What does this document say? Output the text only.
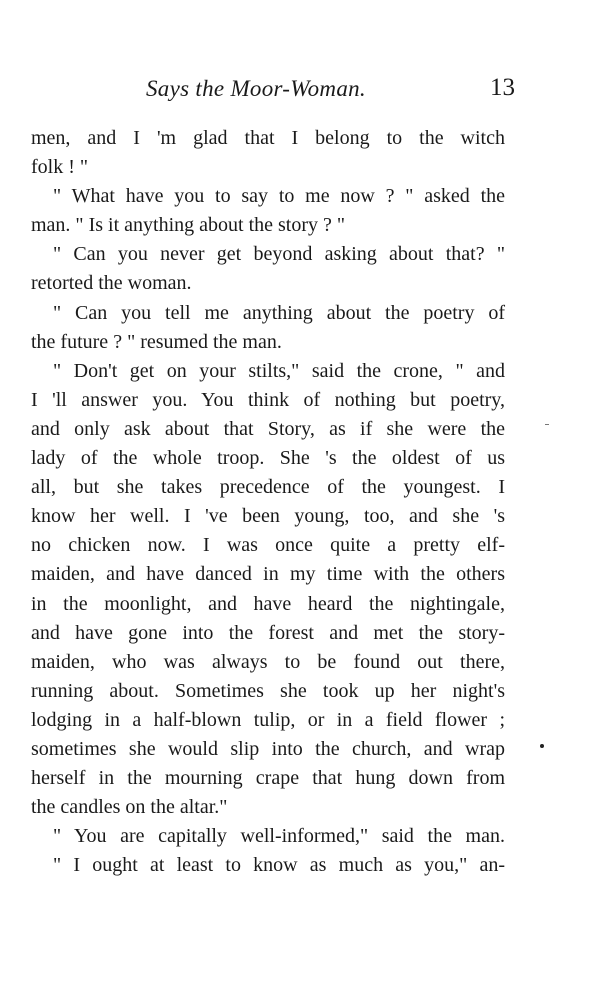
Says the Moor-Woman.	13
men, and I 'm glad that I belong to the witch
folk ! "
" What have you to say to me now ? " asked the
man. " Is it anything about the story ? "
" Can you never get beyond asking about that? "
retorted the woman.
" Can you tell me anything about the poetry of
the future ? " resumed the man.
" Don't get on your stilts," said the crone, " and
I 'll answer you. You think of nothing but poetry,
and only ask about that Story, as if she were the
lady of the whole troop. She 's the oldest of us
all, but she takes precedence of the youngest. I
know her well. I 've been young, too, and she 's
no chicken now. I was once quite a pretty elf-
maiden, and have danced in my time with the others
in the moonlight, and have heard the nightingale,
and have gone into the forest and met the story-
maiden, who was always to be found out there,
running about. Sometimes she took up her night's
lodging in a half-blown tulip, or in a field flower ;
sometimes she would slip into the church, and wrap
herself in the mourning crape that hung down from
the candles on the altar."
" You are capitally well-informed," said the man.
" I ought at least to know as much as you," an-
